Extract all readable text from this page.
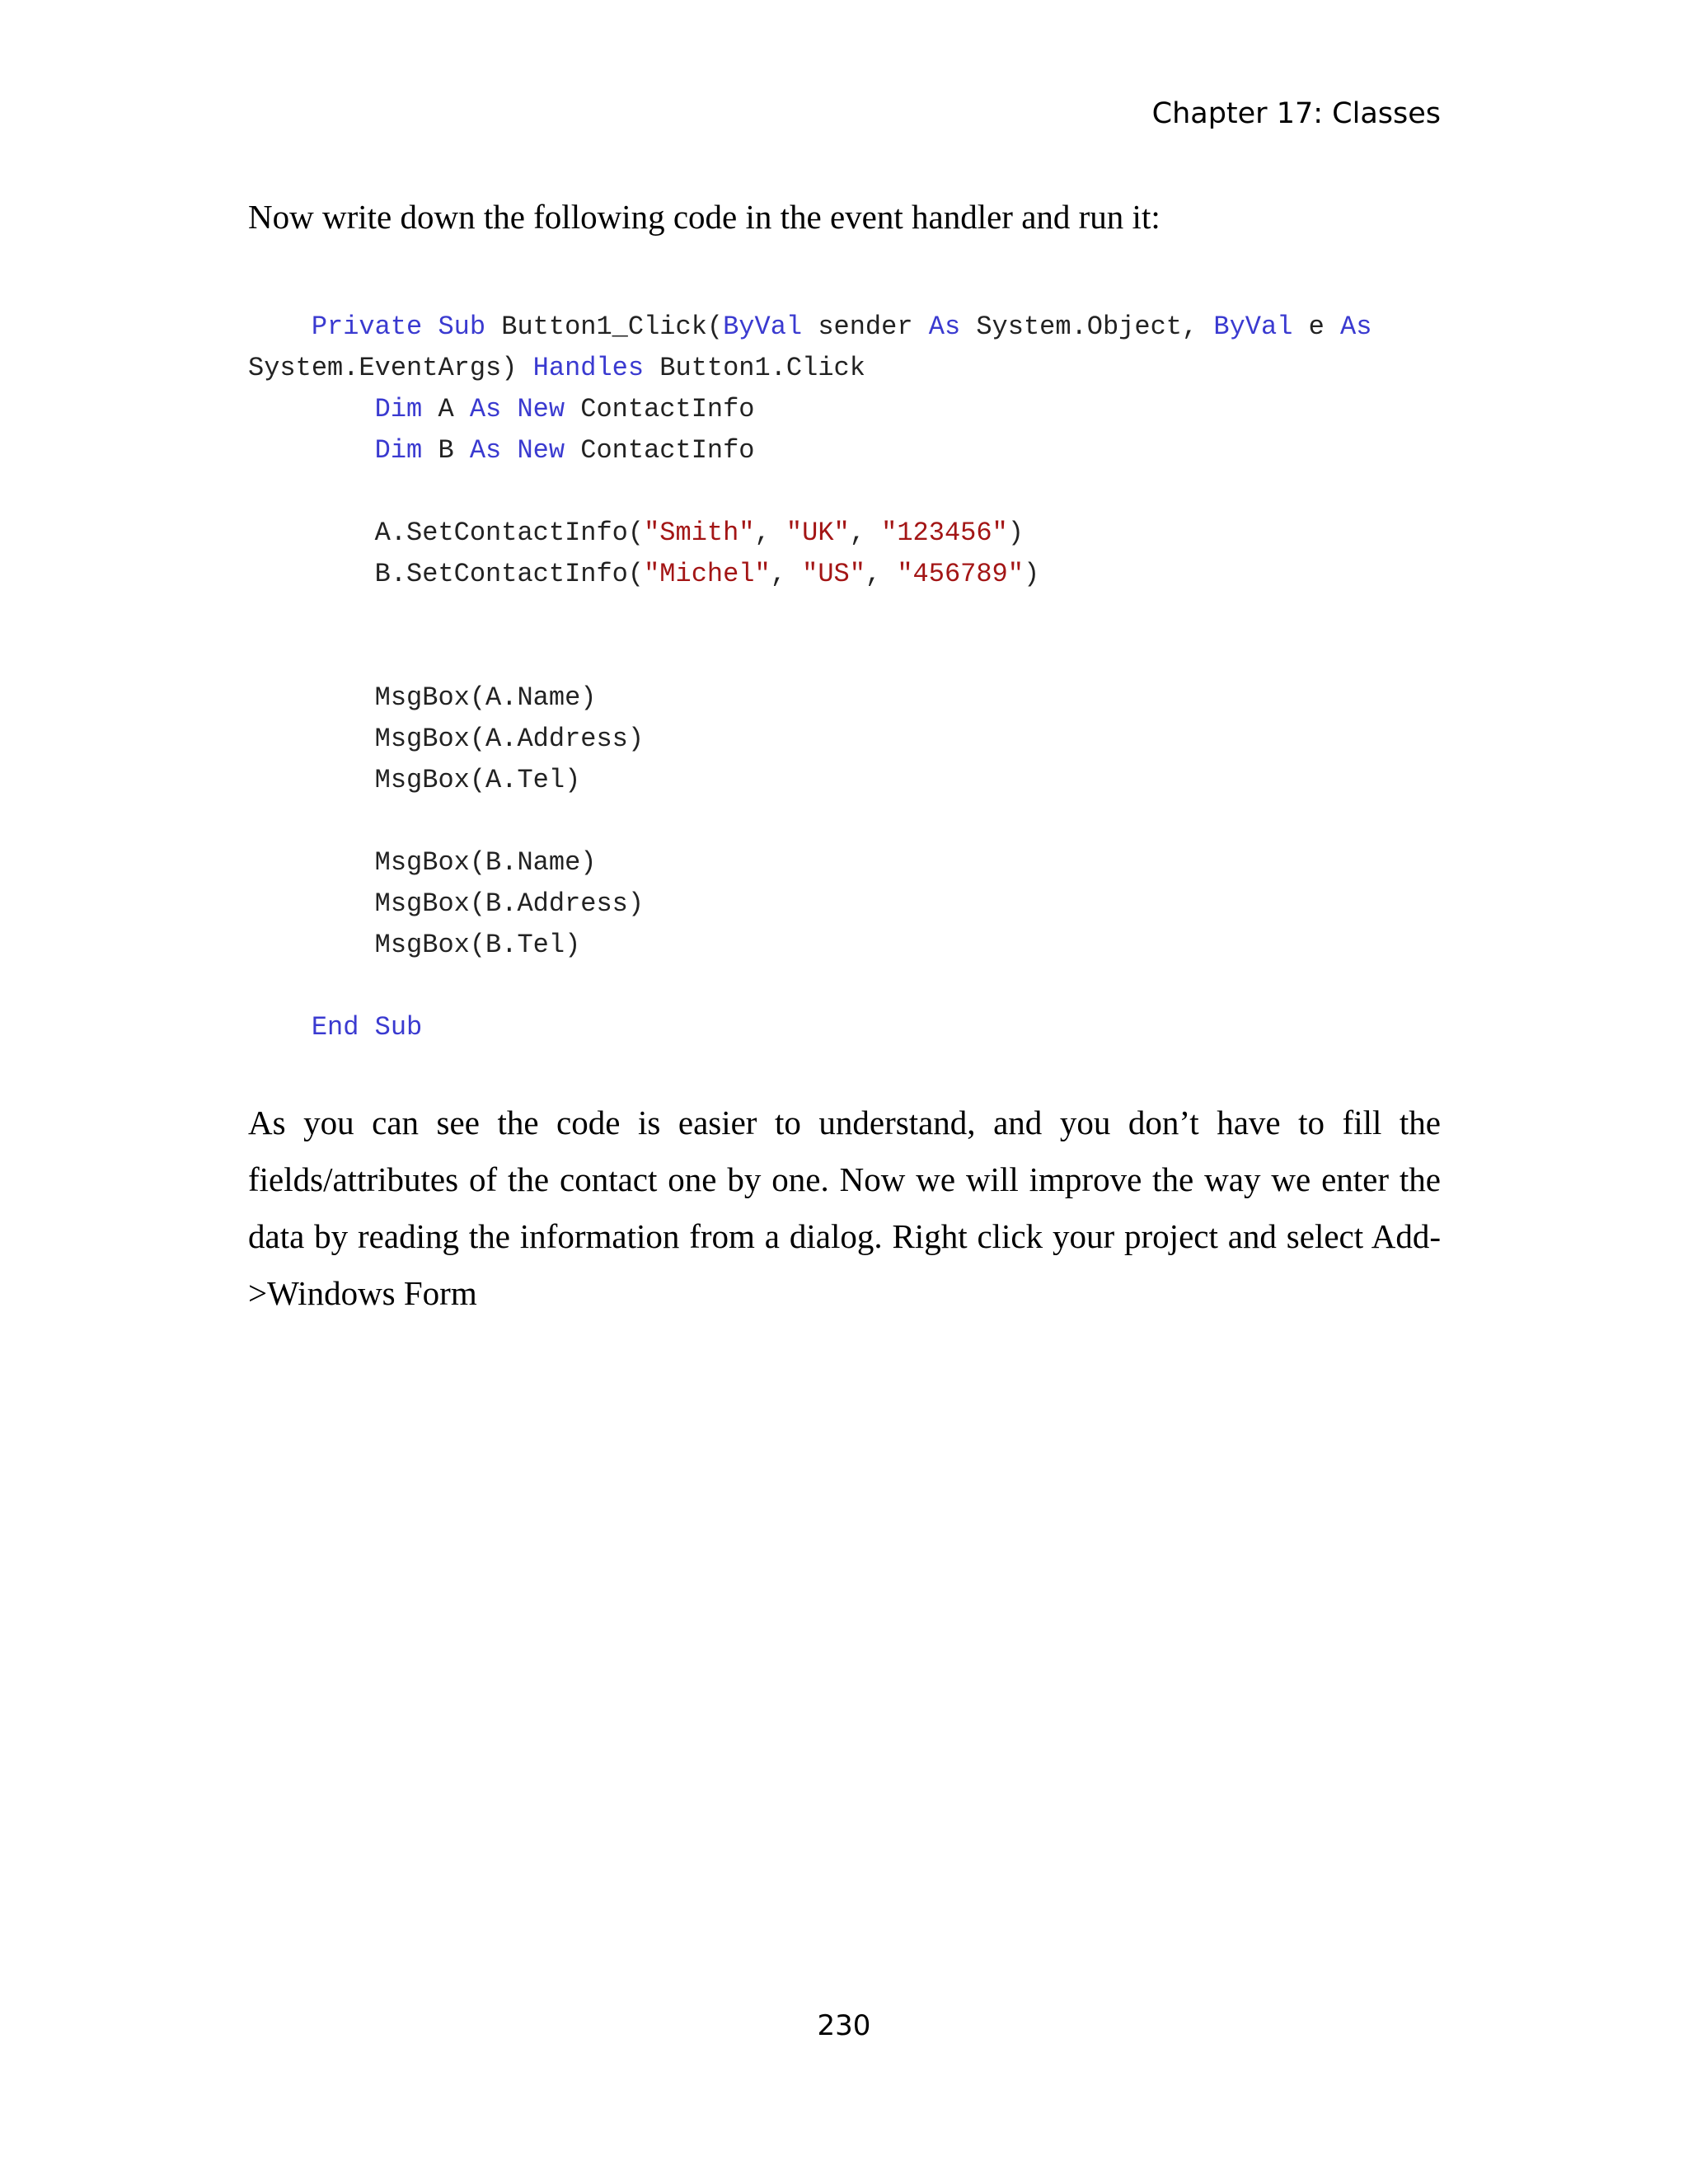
Chapter 17: Classes
Now write down the following code in the event handler and run it:
Private Sub Button1_Click(ByVal sender As System.Object, ByVal e As
System.EventArgs) Handles Button1.Click
Dim A As New ContactInfo
Dim B As New ContactInfo
A.SetContactInfo("Smith", "UK", "123456")
B.SetContactInfo("Michel", "US", "456789")
MsgBox(A.Name)
MsgBox(A.Address)
MsgBox(A.Tel)
MsgBox(B.Name)
MsgBox(B.Address)
MsgBox(B.Tel)
End Sub

As you can see the code is easier to understand, and you don’t have to fill the fields/attributes of the contact one by one. Now we will improve the way we enter the data by reading the information from a dialog. Right click your project and select Add->Windows Form

230
